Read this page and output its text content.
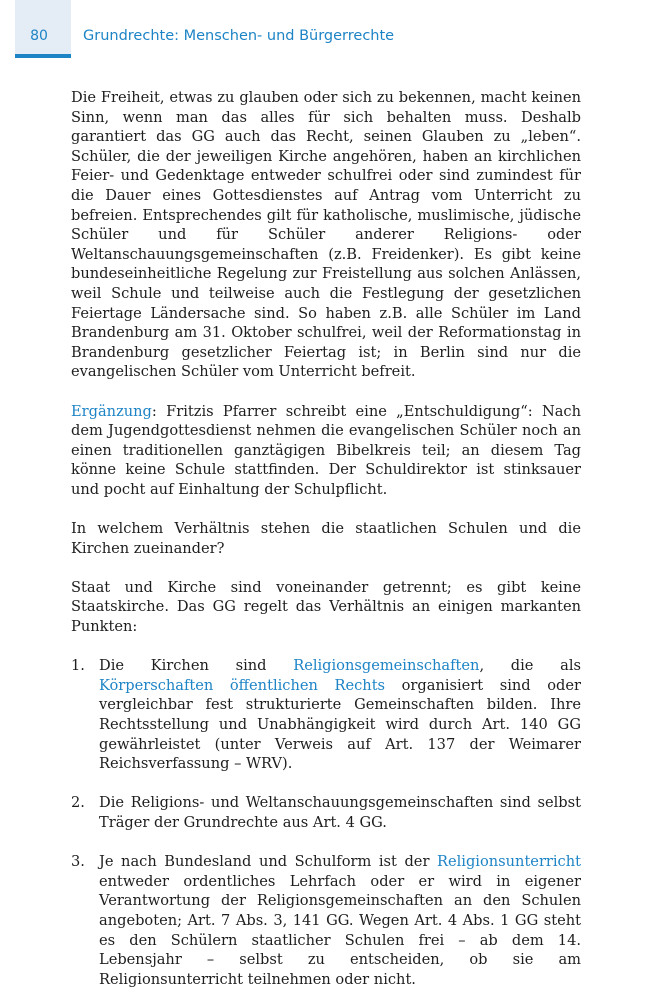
80	Grundrechte: Menschen- und Bürgerrechte

Die Freiheit, etwas zu glauben oder sich zu bekennen, macht keinen Sinn, wenn man das alles für sich behalten muss. Deshalb garantiert das GG auch das Recht, seinen Glauben zu „leben“. Schüler, die der jeweiligen Kirche angehören, haben an kirchlichen Feier- und Gedenktage entweder schulfrei oder sind zumindest für die Dauer eines Gottesdienstes auf Antrag vom Unterricht zu befreien. Entsprechendes gilt für katholische, muslimische, jüdische Schüler und für Schüler anderer Religions- oder Weltanschauungsgemeinschaften (z.B. Freidenker). Es gibt keine bundeseinheitliche Regelung zur Freistellung aus solchen Anlässen, weil Schule und teilweise auch die Festlegung der gesetzlichen Feiertage Ländersache sind. So haben z.B. alle Schüler im Land Brandenburg am 31. Oktober schulfrei, weil der Reformationstag in Brandenburg gesetzlicher Feiertag ist; in Berlin sind nur die evangelischen Schüler vom Unterricht befreit.

Ergänzung: Fritzis Pfarrer schreibt eine „Entschuldigung“: Nach dem Jugendgottesdienst nehmen die evangelischen Schüler noch an einen traditionellen ganztägigen Bibelkreis teil; an diesem Tag könne keine Schule stattfinden. Der Schuldirektor ist stinksauer und pocht auf Einhaltung der Schulpflicht.

In welchem Verhältnis stehen die staatlichen Schulen und die Kirchen zueinander?

Staat und Kirche sind voneinander getrennt; es gibt keine Staatskirche. Das GG regelt das Verhältnis an einigen markanten Punkten:

1. Die Kirchen sind Religionsgemeinschaften, die als Körperschaften öffentlichen Rechts organisiert sind oder vergleichbar fest strukturierte Gemeinschaften bilden. Ihre Rechtsstellung und Unabhängigkeit wird durch Art. 140 GG gewährleistet (unter Verweis auf Art. 137 der Weimarer Reichsverfassung – WRV).
2. Die Religions- und Weltanschauungsgemeinschaften sind selbst Träger der Grundrechte aus Art. 4 GG.
3. Je nach Bundesland und Schulform ist der Religionsunterricht entweder ordentliches Lehrfach oder er wird in eigener Verantwortung der Religionsgemeinschaften an den Schulen angeboten; Art. 7 Abs. 3, 141 GG. Wegen Art. 4 Abs. 1 GG steht es den Schülern staatlicher Schulen frei – ab dem 14. Lebensjahr – selbst zu entscheiden, ob sie am Religionsunterricht teilnehmen oder nicht.
